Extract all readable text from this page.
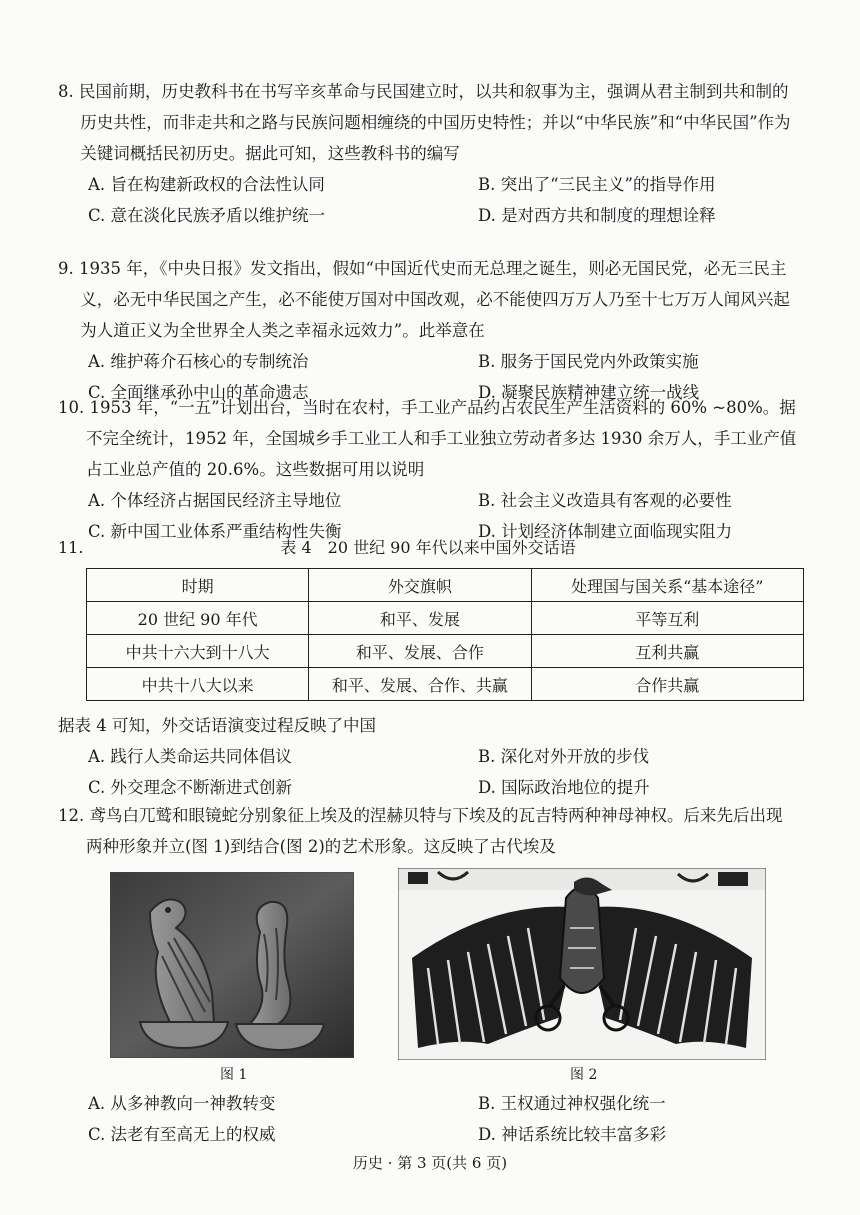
8. 民国前期，历史教科书在书写辛亥革命与民国建立时，以共和叙事为主，强调从君主制到共和制的历史共性，而非走共和之路与民族问题相缠绕的中国历史特性；并以“中华民族”和“中华民国”作为关键词概括民初历史。据此可知，这些教科书的编写

A. 旨在构建新政权的合法性认同	B. 突出了“三民主义”的指导作用
C. 意在淡化民族矛盾以维护统一	D. 是对西方共和制度的理想诠释

9. 1935 年，《中央日报》发文指出，假如“中国近代史而无总理之诞生，则必无国民党，必无三民主义，必无中华民国之产生，必不能使万国对中国改观，必不能使四万万人乃至十七万万人闻风兴起为人道正义为全世界全人类之幸福永远效力”。此举意在

A. 维护蒋介石核心的专制统治	B. 服务于国民党内外政策实施
C. 全面继承孙中山的革命遗志	D. 凝聚民族精神建立统一战线

10. 1953 年，“一五”计划出台，当时在农村，手工业产品约占农民生产生活资料的 60% ~80%。据不完全统计，1952 年，全国城乡手工业工人和手工业独立劳动者多达 1930 余万人，手工业产值占工业总产值的 20.6%。这些数据可用以说明

A. 个体经济占据国民经济主导地位	B. 社会主义改造具有客观的必要性
C. 新中国工业体系严重结构性失衡	D. 计划经济体制建立面临现实阻力
11.	表 4　20 世纪 90 年代以来中国外交话语
时期	外交旗帜	处理国与国关系“基本途径”
20 世纪 90 年代	和平、发展	平等互利
中共十六大到十八大	和平、发展、合作	互利共赢
中共十八大以来	和平、发展、合作、共赢	合作共赢

据表 4 可知，外交话语演变过程反映了中国

A. 践行人类命运共同体倡议	B. 深化对外开放的步伐
C. 外交理念不断渐进式创新	D. 国际政治地位的提升

12. 鸢鸟白兀鹫和眼镜蛇分别象征上埃及的涅赫贝特与下埃及的瓦吉特两种神母神权。后来先后出现两种形象并立(图 1)到结合(图 2)的艺术形象。这反映了古代埃及

图 1	图 2
A. 从多神教向一神教转变	B. 王权通过神权强化统一
C. 法老有至高无上的权威	D. 神话系统比较丰富多彩
历史 · 第 3 页(共 6 页)
